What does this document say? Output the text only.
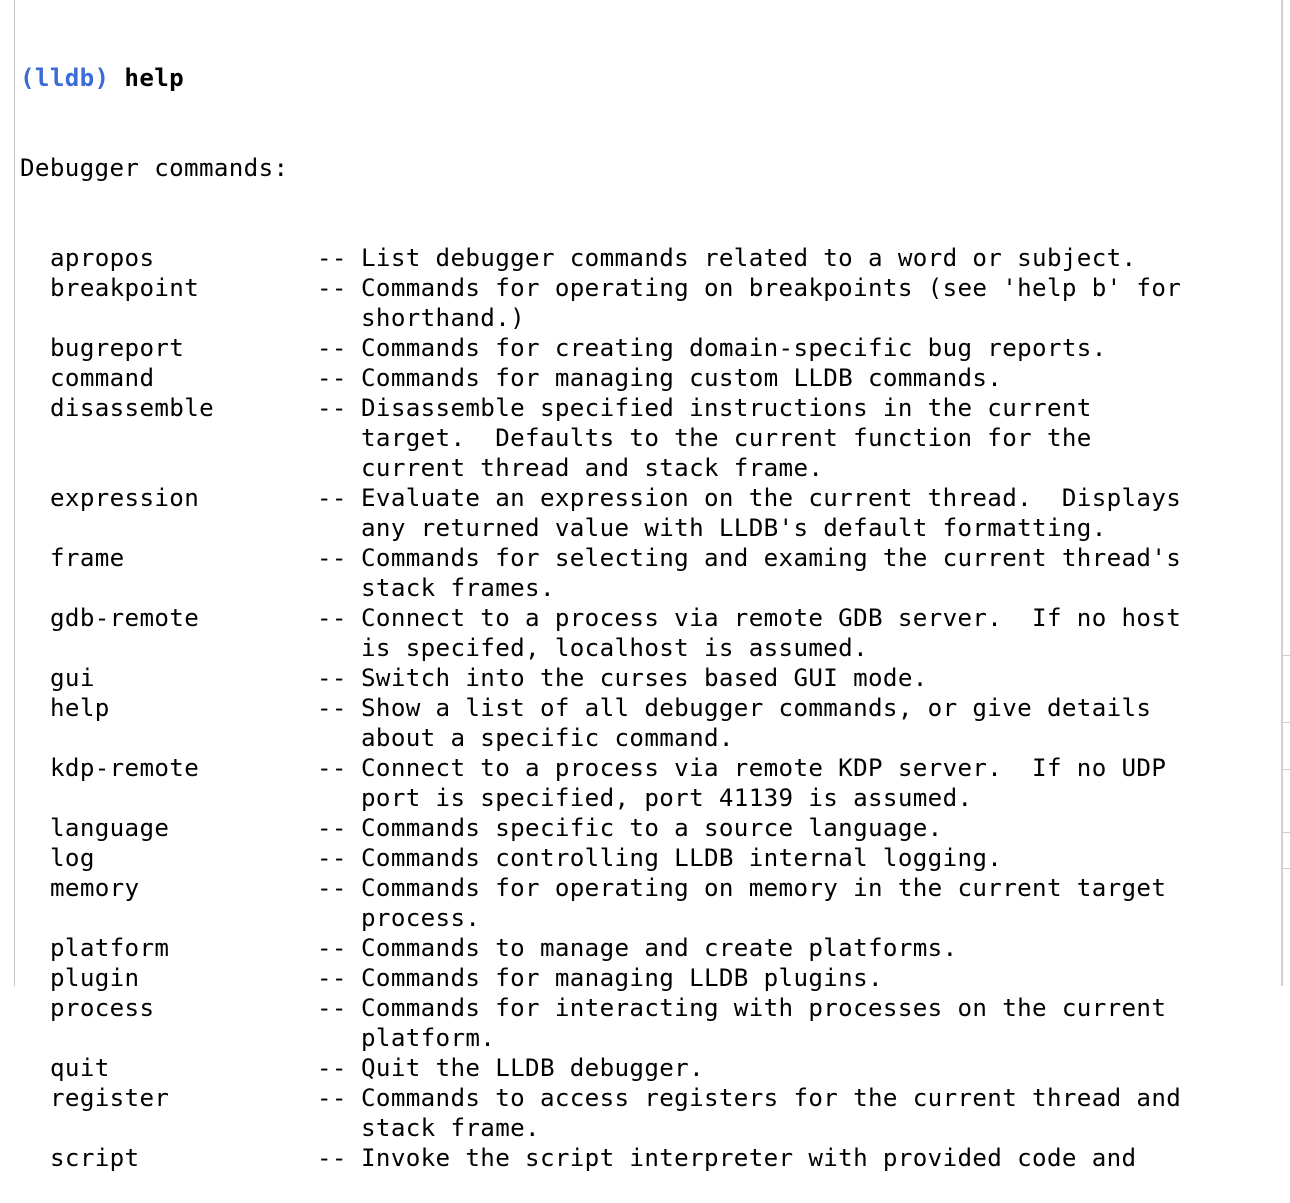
(lldb) help

Debugger commands:

apropos	-- List debugger commands related to a word or subject.
breakpoint	-- Commands for operating on breakpoints (see 'help b' for
shorthand.)
bugreport	-- Commands for creating domain-specific bug reports.
command	-- Commands for managing custom LLDB commands.
disassemble	-- Disassemble specified instructions in the current
target.  Defaults to the current function for the
current thread and stack frame.
expression	-- Evaluate an expression on the current thread.  Displays
any returned value with LLDB's default formatting.
frame	-- Commands for selecting and examing the current thread's
stack frames.
gdb-remote	-- Connect to a process via remote GDB server.  If no host
is specifed, localhost is assumed.
gui	-- Switch into the curses based GUI mode.
help	-- Show a list of all debugger commands, or give details
about a specific command.
kdp-remote	-- Connect to a process via remote KDP server.  If no UDP
port is specified, port 41139 is assumed.
language	-- Commands specific to a source language.
log	-- Commands controlling LLDB internal logging.
memory	-- Commands for operating on memory in the current target
process.
platform	-- Commands to manage and create platforms.
plugin	-- Commands for managing LLDB plugins.
process	-- Commands for interacting with processes on the current
platform.
quit	-- Quit the LLDB debugger.
register	-- Commands to access registers for the current thread and
stack frame.
script	-- Invoke the script interpreter with provided code and
